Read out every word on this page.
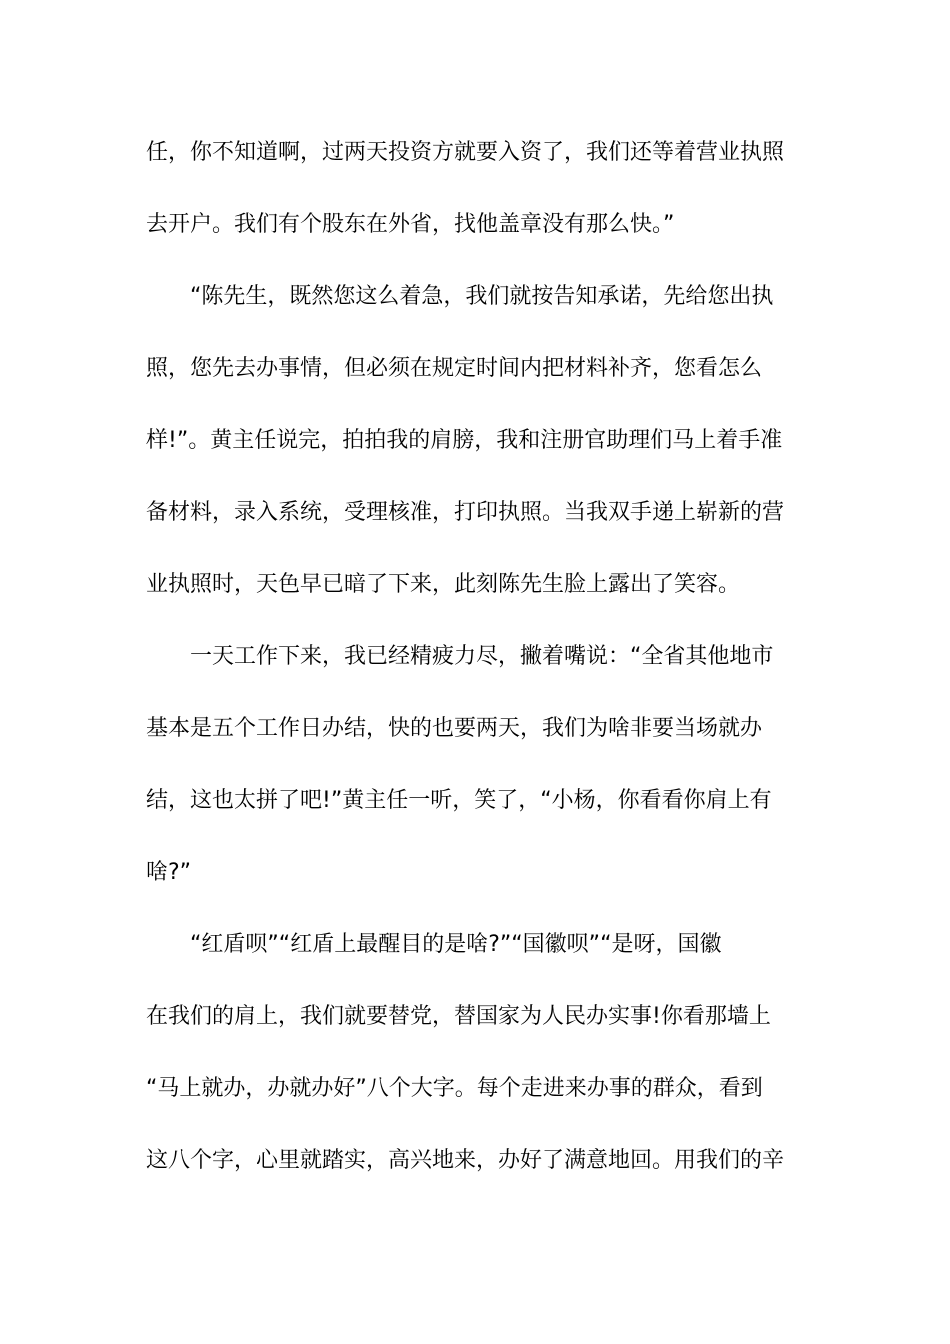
任，你不知道啊，过两天投资方就要入资了，我们还等着营业执照
去开户。我们有个股东在外省，找他盖章没有那么快。”
“陈先生，既然您这么着急，我们就按告知承诺，先给您出执
照，您先去办事情，但必须在规定时间内把材料补齐，您看怎么
样!”。黄主任说完，拍拍我的肩膀，我和注册官助理们马上着手准
备材料，录入系统，受理核准，打印执照。当我双手递上崭新的营
业执照时，天色早已暗了下来，此刻陈先生脸上露出了笑容。
一天工作下来，我已经精疲力尽，撇着嘴说：“全省其他地市
基本是五个工作日办结，快的也要两天，我们为啥非要当场就办
结，这也太拼了吧!”黄主任一听，笑了，“小杨，你看看你肩上有
啥?”
“红盾呗”“红盾上最醒目的是啥?”“国徽呗”“是呀，国徽
在我们的肩上，我们就要替党，替国家为人民办实事!你看那墙上
“马上就办，办就办好”八个大字。每个走进来办事的群众，看到
这八个字，心里就踏实，高兴地来，办好了满意地回。用我们的辛
